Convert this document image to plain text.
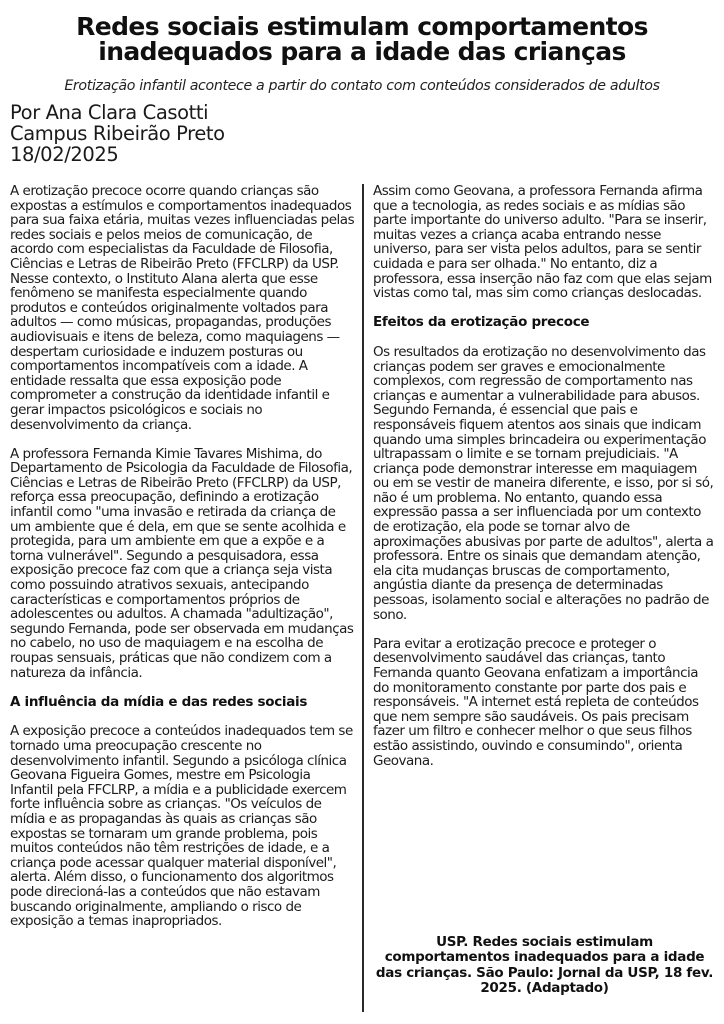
Redes sociais estimulam comportamentos inadequados para a idade das crianças
Erotização infantil acontece a partir do contato com conteúdos considerados de adultos
Por Ana Clara Casotti
Campus Ribeirão Preto
18/02/2025

A erotização precoce ocorre quando crianças são expostas a estímulos e comportamentos inadequados para sua faixa etária, muitas vezes influenciadas pelas redes sociais e pelos meios de comunicação, de acordo com especialistas da Faculdade de Filosofia, Ciências e Letras de Ribeirão Preto (FFCLRP) da USP. Nesse contexto, o Instituto Alana alerta que esse fenômeno se manifesta especialmente quando produtos e conteúdos originalmente voltados para adultos — como músicas, propagandas, produções audiovisuais e itens de beleza, como maquiagens — despertam curiosidade e induzem posturas ou comportamentos incompatíveis com a idade. A entidade ressalta que essa exposição pode comprometer a construção da identidade infantil e gerar impactos psicológicos e sociais no desenvolvimento da criança.

A professora Fernanda Kimie Tavares Mishima, do Departamento de Psicologia da Faculdade de Filosofia, Ciências e Letras de Ribeirão Preto (FFCLRP) da USP, reforça essa preocupação, definindo a erotização infantil como "uma invasão e retirada da criança de um ambiente que é dela, em que se sente acolhida e protegida, para um ambiente em que a expõe e a torna vulnerável". Segundo a pesquisadora, essa exposição precoce faz com que a criança seja vista como possuindo atrativos sexuais, antecipando características e comportamentos próprios de adolescentes ou adultos. A chamada "adultização", segundo Fernanda, pode ser observada em mudanças no cabelo, no uso de maquiagem e na escolha de roupas sensuais, práticas que não condizem com a natureza da infância.

A influência da mídia e das redes sociais

A exposição precoce a conteúdos inadequados tem se tornado uma preocupação crescente no desenvolvimento infantil. Segundo a psicóloga clínica Geovana Figueira Gomes, mestre em Psicologia Infantil pela FFCLRP, a mídia e a publicidade exercem forte influência sobre as crianças. "Os veículos de mídia e as propagandas às quais as crianças são expostas se tornaram um grande problema, pois muitos conteúdos não têm restrições de idade, e a criança pode acessar qualquer material disponível", alerta. Além disso, o funcionamento dos algoritmos pode direcioná-las a conteúdos que não estavam buscando originalmente, ampliando o risco de exposição a temas inapropriados.

Assim como Geovana, a professora Fernanda afirma que a tecnologia, as redes sociais e as mídias são parte importante do universo adulto. "Para se inserir, muitas vezes a criança acaba entrando nesse universo, para ser vista pelos adultos, para se sentir cuidada e para ser olhada." No entanto, diz a professora, essa inserção não faz com que elas sejam vistas como tal, mas sim como crianças deslocadas.

Efeitos da erotização precoce

Os resultados da erotização no desenvolvimento das crianças podem ser graves e emocionalmente complexos, com regressão de comportamento nas crianças e aumentar a vulnerabilidade para abusos. Segundo Fernanda, é essencial que pais e responsáveis fiquem atentos aos sinais que indicam quando uma simples brincadeira ou experimentação ultrapassam o limite e se tornam prejudiciais. "A criança pode demonstrar interesse em maquiagem ou em se vestir de maneira diferente, e isso, por si só, não é um problema. No entanto, quando essa expressão passa a ser influenciada por um contexto de erotização, ela pode se tornar alvo de aproximações abusivas por parte de adultos", alerta a professora. Entre os sinais que demandam atenção, ela cita mudanças bruscas de comportamento, angústia diante da presença de determinadas pessoas, isolamento social e alterações no padrão de sono.

Para evitar a erotização precoce e proteger o desenvolvimento saudável das crianças, tanto Fernanda quanto Geovana enfatizam a importância do monitoramento constante por parte dos pais e responsáveis. "A internet está repleta de conteúdos que nem sempre são saudáveis. Os pais precisam fazer um filtro e conhecer melhor o que seus filhos estão assistindo, ouvindo e consumindo", orienta Geovana.

USP. Redes sociais estimulam comportamentos inadequados para a idade das crianças. São Paulo: Jornal da USP, 18 fev. 2025. (Adaptado)
